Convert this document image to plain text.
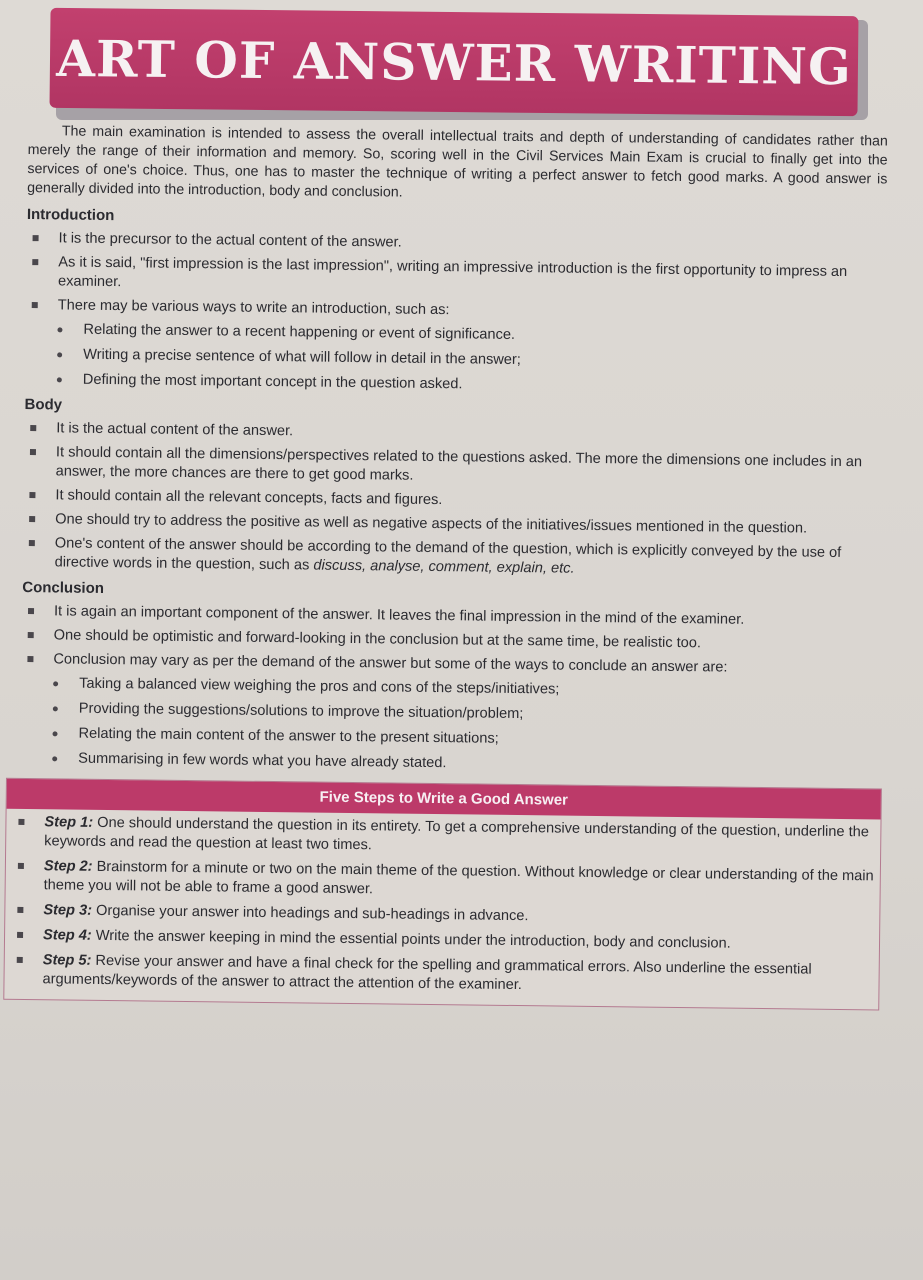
ART OF ANSWER WRITING

The main examination is intended to assess the overall intellectual traits and depth of understanding of candidates rather than merely the range of their information and memory. So, scoring well in the Civil Services Main Exam is crucial to finally get into the services of one's choice. Thus, one has to master the technique of writing a perfect answer to fetch good marks. A good answer is generally divided into the introduction, body and conclusion.

Introduction
It is the precursor to the actual content of the answer.
As it is said, "first impression is the last impression", writing an impressive introduction is the first opportunity to impress an examiner.
There may be various ways to write an introduction, such as:
Relating the answer to a recent happening or event of significance.
Writing a precise sentence of what will follow in detail in the answer;
Defining the most important concept in the question asked.
Body
It is the actual content of the answer.
It should contain all the dimensions/perspectives related to the questions asked. The more the dimensions one includes in an answer, the more chances are there to get good marks.
It should contain all the relevant concepts, facts and figures.
One should try to address the positive as well as negative aspects of the initiatives/issues mentioned in the question.
One's content of the answer should be according to the demand of the question, which is explicitly conveyed by the use of directive words in the question, such as discuss, analyse, comment, explain, etc.
Conclusion
It is again an important component of the answer. It leaves the final impression in the mind of the examiner.
One should be optimistic and forward-looking in the conclusion but at the same time, be realistic too.
Conclusion may vary as per the demand of the answer but some of the ways to conclude an answer are:
Taking a balanced view weighing the pros and cons of the steps/initiatives;
Providing the suggestions/solutions to improve the situation/problem;
Relating the main content of the answer to the present situations;
Summarising in few words what you have already stated.
Five Steps to Write a Good Answer
Step 1: One should understand the question in its entirety. To get a comprehensive understanding of the question, underline the keywords and read the question at least two times.
Step 2: Brainstorm for a minute or two on the main theme of the question. Without knowledge or clear understanding of the main theme you will not be able to frame a good answer.
Step 3: Organise your answer into headings and sub-headings in advance.
Step 4: Write the answer keeping in mind the essential points under the introduction, body and conclusion.
Step 5: Revise your answer and have a final check for the spelling and grammatical errors. Also underline the essential arguments/keywords of the answer to attract the attention of the examiner.
